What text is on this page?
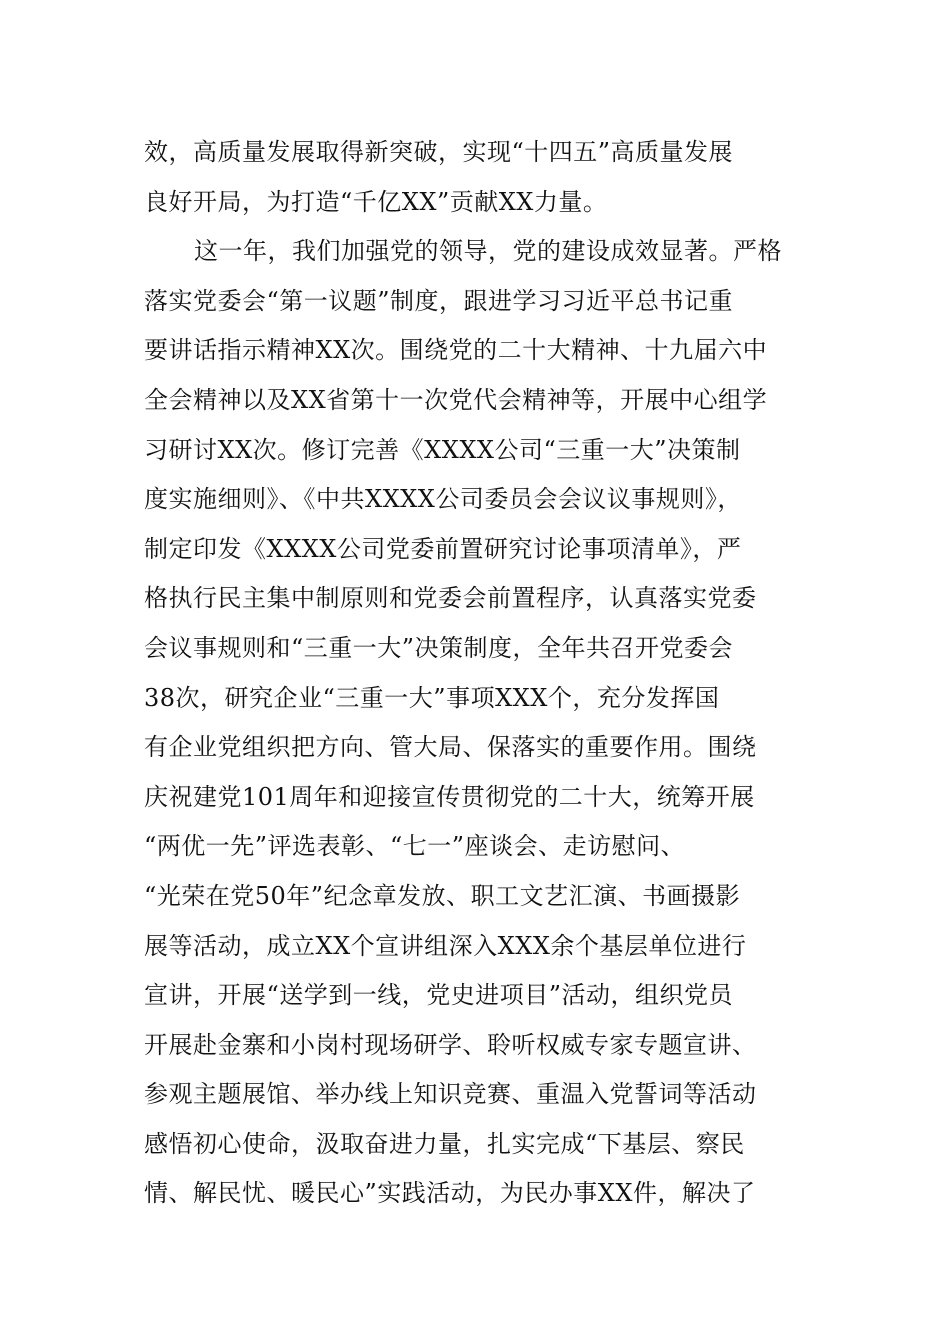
效，高质量发展取得新突破，实现“十四五”高质量发展
良好开局，为打造“千亿XX”贡献XX力量。
这一年，我们加强党的领导，党的建设成效显著。严格
落实党委会“第一议题”制度，跟进学习习近平总书记重
要讲话指示精神XX次。围绕党的二十大精神、十九届六中
全会精神以及XX省第十一次党代会精神等，开展中心组学
习研讨XX次。修订完善《XXXX公司“三重一大”决策制
度实施细则》、《中共XXXX公司委员会会议议事规则》，
制定印发《XXXX公司党委前置研究讨论事项清单》，严
格执行民主集中制原则和党委会前置程序，认真落实党委
会议事规则和“三重一大”决策制度，全年共召开党委会
38次，研究企业“三重一大”事项XXX个，充分发挥国
有企业党组织把方向、管大局、保落实的重要作用。围绕
庆祝建党101周年和迎接宣传贯彻党的二十大，统筹开展
“两优一先”评选表彰、“七一”座谈会、走访慰问、
“光荣在党50年”纪念章发放、职工文艺汇演、书画摄影
展等活动，成立XX个宣讲组深入XXX余个基层单位进行
宣讲，开展“送学到一线，党史进项目”活动，组织党员
开展赴金寨和小岗村现场研学、聆听权威专家专题宣讲、
参观主题展馆、举办线上知识竞赛、重温入党誓词等活动
感悟初心使命，汲取奋进力量，扎实完成“下基层、察民
情、解民忧、暖民心”实践活动，为民办事XX件，解决了
